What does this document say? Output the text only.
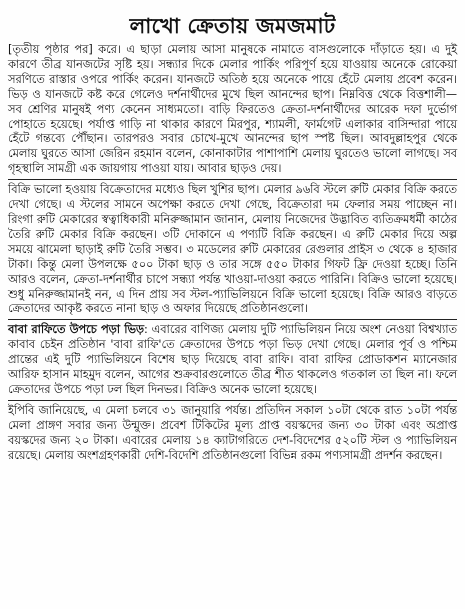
লাখো ক্রেতায় জমজমাট

[তৃতীয় পৃষ্ঠার পর] করে। এ ছাড়া মেলায় আসা মানুষকে নামাতে বাসগুলোকে দাঁড়াতে হয়। এ দুই কারণে তীব্র যানজটের সৃষ্টি হয়। সন্ধ্যার দিকে মেলার পার্কিং পরিপূর্ণ হয়ে যাওয়ায় অনেকে রোকেয়া সরণিতে রাস্তার ওপরে পার্কিং করেন। যানজটে অতিষ্ঠ হয়ে অনেকে পায়ে হেঁটে মেলায় প্রবেশ করেন। ভিড় ও যানজটে কষ্ট করে গেলেও দর্শনার্থীদের মুখে ছিল আনন্দের ছাপ। নিম্নবিত্ত থেকে বিত্তশালী—সব শ্রেণির মানুষই পণ্য কেনেন সাধ্যমতো। বাড়ি ফিরতেও ক্রেতা-দর্শনার্থীদের আরেক দফা দুর্ভোগ পোহাতে হয়েছে। পর্যাপ্ত গাড়ি না থাকার কারণে মিরপুর, শ্যামলী, ফার্মগেট এলাকার বাসিন্দারা পায়ে হেঁটে গন্তব্যে পৌঁছান। তারপরও সবার চোখে-মুখে আনন্দের ছাপ স্পষ্ট ছিল। আবদুল্লাহপুর থেকে মেলায় ঘুরতে আসা জেরিন রহমান বলেন, কোনাকাটার পাশাপাশি মেলায় ঘুরতেও ভালো লাগছে। সব গৃহস্থালি সামগ্রী এক জায়গায় পাওয়া যায়। আবার ছাড়ও দেয়।

বিক্রি ভালো হওয়ায় বিক্রেতাদের মধ্যেও ছিল খুশির ছাপ। মেলার ৯৬বি স্টলে রুটি মেকার বিক্রি করতে দেখা গেছে। এ স্টলের সামনে অপেক্ষা করতে দেখা গেছে, বিক্রেতারা দম ফেলার সময় পাচ্ছেন না। রিংগা রুটি মেকারের স্বত্বাধিকারী মনিরুজ্জামান জানান, মেলায় নিজেদের উদ্ভাবিত ব্যতিক্রমধর্মী কাঠের তৈরি রুটি মেকার বিক্রি করছেন। ৩টি দোকানে এ পণ্যটি বিক্রি করছেন। এ রুটি মেকার দিয়ে অল্প সময়ে ঝামেলা ছাড়াই রুটি তৈরি সম্ভব। ৩ মডেলের রুটি মেকারের রেগুলার প্রাইস ৩ থেকে ৪ হাজার টাকা। কিন্তু মেলা উপলক্ষে ৫০০ টাকা ছাড় ও তার সঙ্গে ৫৫০ টাকার গিফট ফ্রি দেওয়া হচ্ছে। তিনি আরও বলেন, ক্রেতা-দর্শনার্থীর চাপে সন্ধ্যা পর্যন্ত খাওয়া-দাওয়া করতে পারিনি। বিক্রিও ভালো হয়েছে। শুধু মনিরুজ্জামানই নন, এ দিন প্রায় সব স্টল-প্যাভিলিয়নে বিক্রি ভালো হয়েছে। বিক্রি আরও বাড়তে ক্রেতাদের আকৃষ্ট করতে নানা ছাড় ও অফার দিয়েছে প্রতিষ্ঠানগুলো।

বাবা রাফিতে উপচে পড়া ভিড়: এবারের বাণিজ্য মেলায় দুটি প্যাভিলিয়ন নিয়ে অংশ নেওয়া বিশ্বখ্যাত কাবাব চেইন প্রতিষ্ঠান 'বাবা রাফি'তে ক্রেতাদের উপচে পড়া ভিড় দেখা গেছে। মেলার পূর্ব ও পশ্চিম প্রান্তের এই দুটি প্যাভিলিয়নে বিশেষ ছাড় দিয়েছে বাবা রাফি। বাবা রাফির প্রোডাকশন ম্যানেজার আরিফ হাসান মাহমুদ বলেন, আগের শুক্রবারগুলোতে তীব্র শীত থাকলেও গতকাল তা ছিল না। ফলে ক্রেতাদের উপচে পড়া ঢল ছিল দিনভর। বিক্রিও অনেক ভালো হয়েছে।

ইপিবি জানিয়েছে, এ মেলা চলবে ৩১ জানুয়ারি পর্যন্ত। প্রতিদিন সকাল ১০টা থেকে রাত ১০টা পর্যন্ত মেলা প্রাঙ্গণ সবার জন্য উন্মুক্ত। প্রবেশ টিকিটের মূল্য প্রাপ্ত বয়স্কদের জন্য ৩০ টাকা এবং অপ্রাপ্ত বয়স্কদের জন্য ২০ টাকা। এবারের মেলায় ১৪ ক্যাটাগরিতে দেশ-বিদেশের ৫২০টি স্টল ও প্যাভিলিয়ন রয়েছে। মেলায় অংশগ্রহণকারী দেশি-বিদেশি প্রতিষ্ঠানগুলো বিভিন্ন রকম পণ্যসামগ্রী প্রদর্শন করছেন।
